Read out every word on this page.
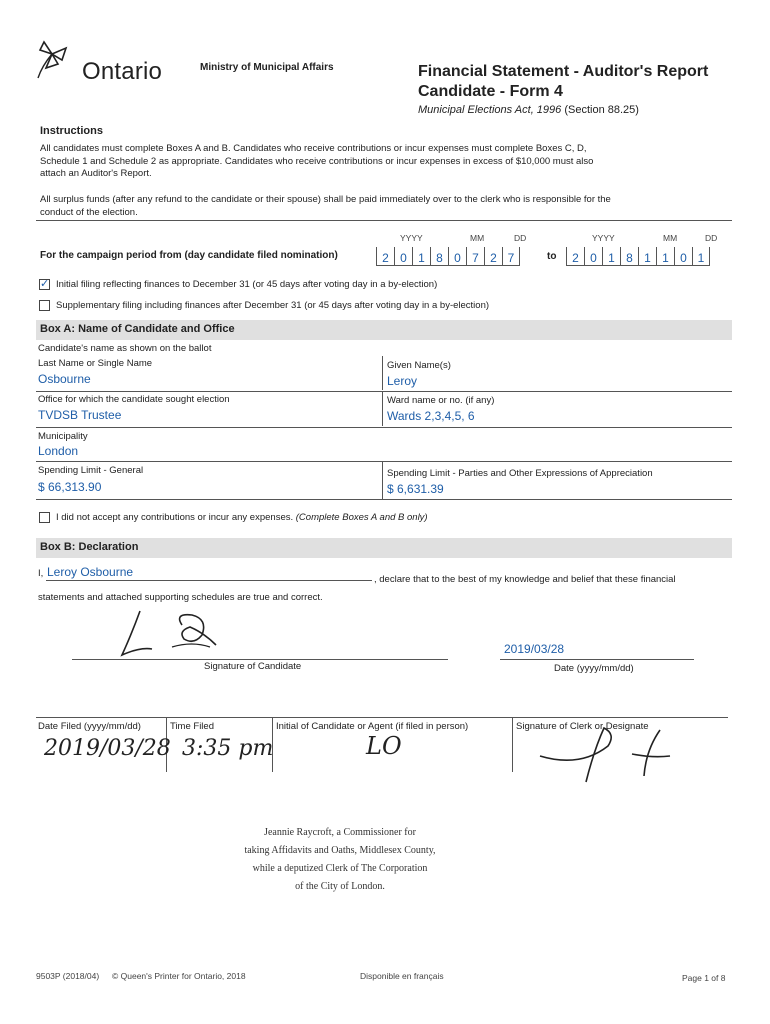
Ontario	Ministry of Municipal Affairs	Financial Statement - Auditor's Report
Candidate - Form 4
Municipal Elections Act, 1996 (Section 88.25)
Instructions
All candidates must complete Boxes A and B. Candidates who receive contributions or incur expenses must complete Boxes C, D,
Schedule 1 and Schedule 2 as appropriate. Candidates who receive contributions or incur expenses in excess of $10,000 must also
attach an Auditor's Report.
All surplus funds (after any refund to the candidate or their spouse) shall be paid immediately over to the clerk who is responsible for the
conduct of the election.
YYYY	MM	DD	YYYY	MM	DD
For the campaign period from (day candidate filed nomination)	2 0 1 8 0 7 2 7	to	2 0 1 8 1 1 0 1
✓ Initial filing reflecting finances to December 31 (or 45 days after voting day in a by-election)
Supplementary filing including finances after December 31 (or 45 days after voting day in a by-election)
Box A: Name of Candidate and Office
Candidate's name as shown on the ballot
Last Name or Single Name
Osbourne
Given Name(s)
Leroy
Office for which the candidate sought election
TVDSB Trustee
Ward name or no. (if any)
Wards 2,3,4,5, 6
Municipality
London
Spending Limit - General
$ 66,313.90
Spending Limit - Parties and Other Expressions of Appreciation
$ 6,631.39
I did not accept any contributions or incur any expenses. (Complete Boxes A and B only)
Box B: Declaration
I, Leroy Osbourne
, declare that to the best of my knowledge and belief that these financial
statements and attached supporting schedules are true and correct.
Signature of Candidate
2019/03/28
Date (yyyy/mm/dd)
Date Filed (yyyy/mm/dd)	Time Filed	Initial of Candidate or Agent (if filed in person)	Signature of Clerk or Designate
2019/03/28 3:35 pm	LO
Jeannie Raycroft, a Commissioner for
taking Affidavits and Oaths, Middlesex County,
while a deputized Clerk of The Corporation
of the City of London.
9503P (2018/04) © Queen's Printer for Ontario, 2018	Disponible en français	Page 1 of 8
